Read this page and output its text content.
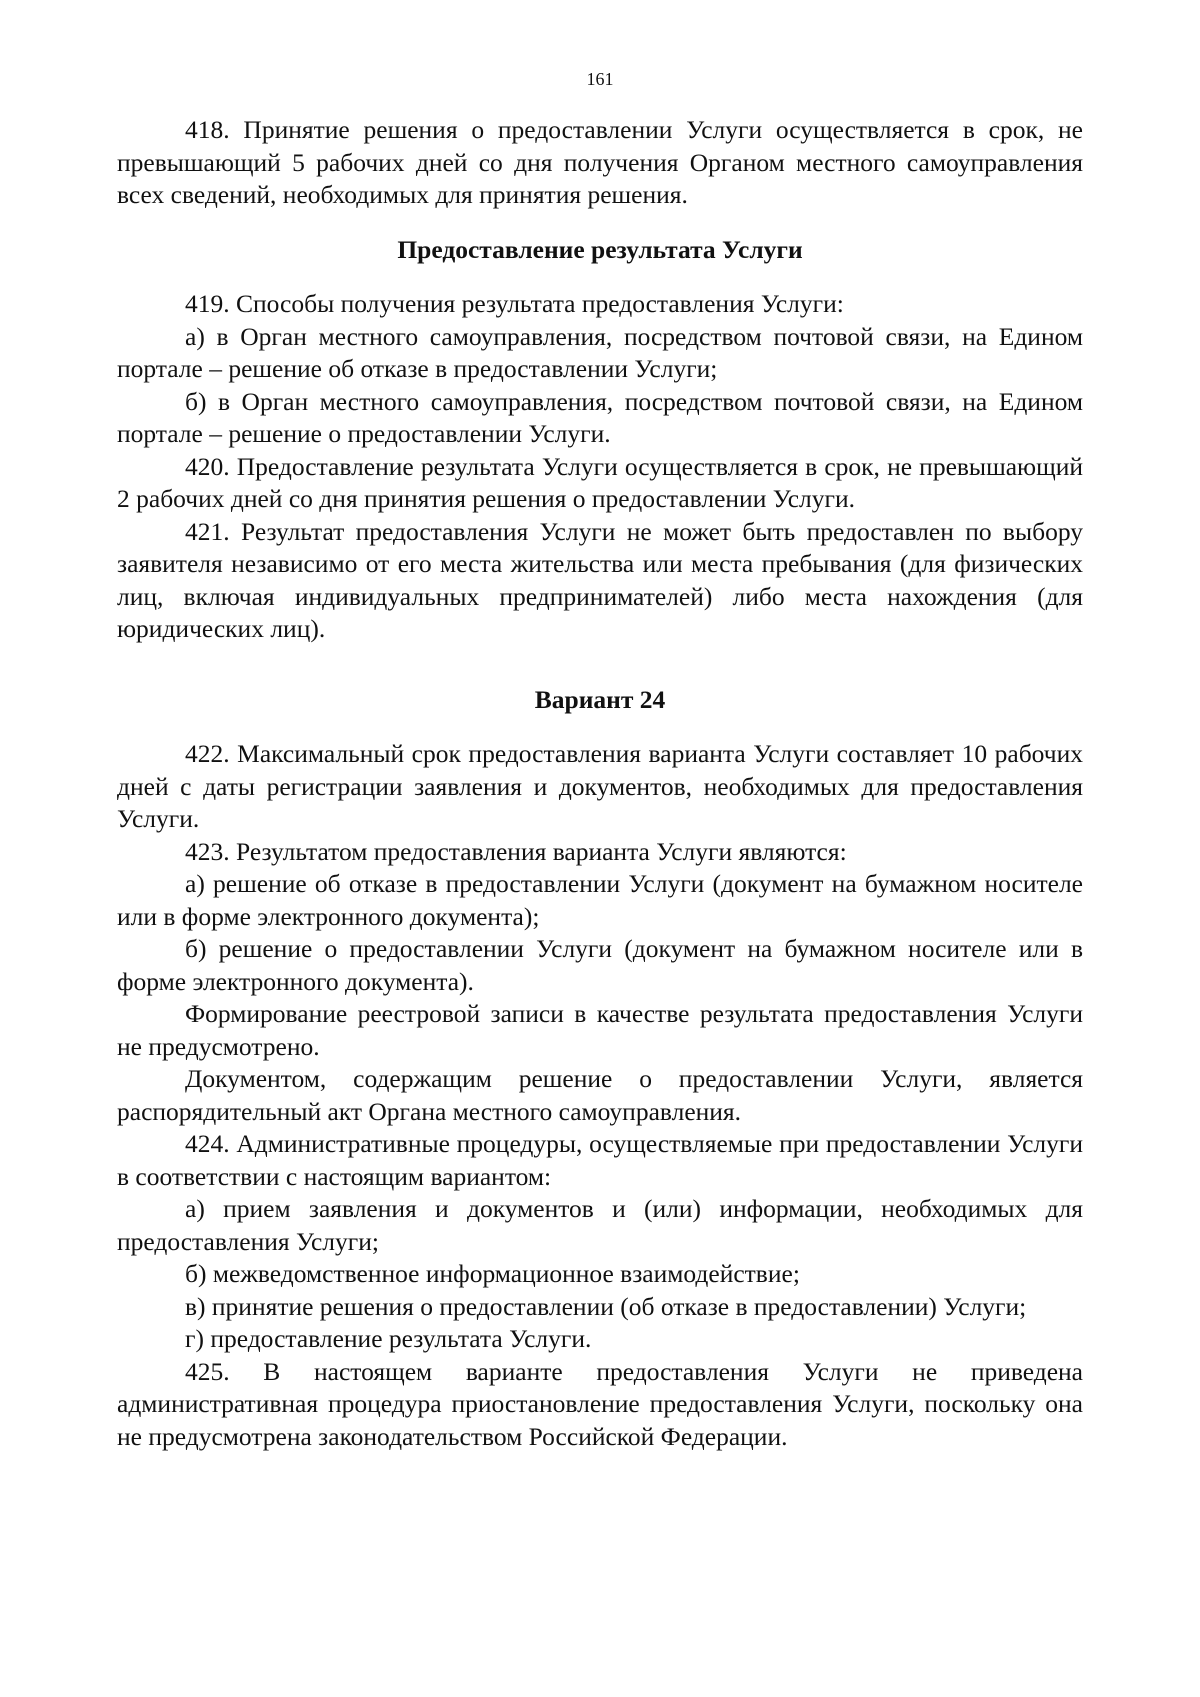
161

418. Принятие решения о предоставлении Услуги осуществляется в срок, не превышающий 5 рабочих дней со дня получения Органом местного самоуправления всех сведений, необходимых для принятия решения.

Предоставление результата Услуги

419. Способы получения результата предоставления Услуги:

а) в Орган местного самоуправления, посредством почтовой связи, на Едином портале – решение об отказе в предоставлении Услуги;

б) в Орган местного самоуправления, посредством почтовой связи, на Едином портале – решение о предоставлении Услуги.

420. Предоставление результата Услуги осуществляется в срок, не превышающий 2 рабочих дней со дня принятия решения о предоставлении Услуги.

421. Результат предоставления Услуги не может быть предоставлен по выбору заявителя независимо от его места жительства или места пребывания (для физических лиц, включая индивидуальных предпринимателей) либо места нахождения (для юридических лиц).

Вариант 24

422. Максимальный срок предоставления варианта Услуги составляет 10 рабочих дней с даты регистрации заявления и документов, необходимых для предоставления Услуги.

423. Результатом предоставления варианта Услуги являются:

а) решение об отказе в предоставлении Услуги (документ на бумажном носителе или в форме электронного документа);

б) решение о предоставлении Услуги (документ на бумажном носителе или в форме электронного документа).

Формирование реестровой записи в качестве результата предоставления Услуги не предусмотрено.

Документом, содержащим решение о предоставлении Услуги, является распорядительный акт Органа местного самоуправления.

424. Административные процедуры, осуществляемые при предоставлении Услуги в соответствии с настоящим вариантом:

а) прием заявления и документов и (или) информации, необходимых для предоставления Услуги;

б) межведомственное информационное взаимодействие;

в) принятие решения о предоставлении (об отказе в предоставлении) Услуги;

г) предоставление результата Услуги.

425. В настоящем варианте предоставления Услуги не приведена административная процедура приостановление предоставления Услуги, поскольку она не предусмотрена законодательством Российской Федерации.
